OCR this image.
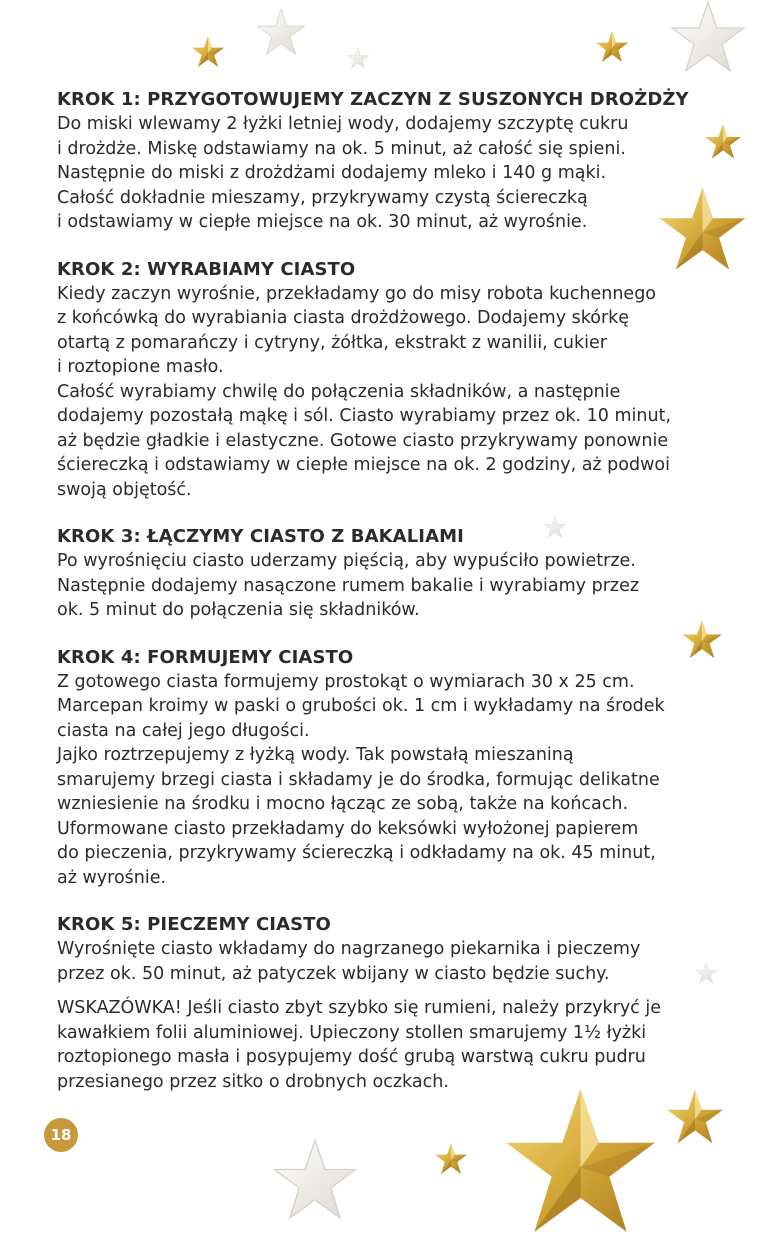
KROK 1: PRZYGOTOWUJEMY ZACZYN Z SUSZONYCH DROŻDŻY

Do miski wlewamy 2 łyżki letniej wody, dodajemy szczyptę cukru
i drożdże. Miskę odstawiamy na ok. 5 minut, aż całość się spieni.
Następnie do miski z drożdżami dodajemy mleko i 140 g mąki.
Całość dokładnie mieszamy, przykrywamy czystą ściereczką
i odstawiamy w ciepłe miejsce na ok. 30 minut, aż wyrośnie.

KROK 2: WYRABIAMY CIASTO

Kiedy zaczyn wyrośnie, przekładamy go do misy robota kuchennego
z końcówką do wyrabiania ciasta drożdżowego. Dodajemy skórkę
otartą z pomarańczy i cytryny, żółtka, ekstrakt z wanilii, cukier
i roztopione masło.

Całość wyrabiamy chwilę do połączenia składników, a następnie
dodajemy pozostałą mąkę i sól. Ciasto wyrabiamy przez ok. 10 minut,
aż będzie gładkie i elastyczne. Gotowe ciasto przykrywamy ponownie
ściereczką i odstawiamy w ciepłe miejsce na ok. 2 godziny, aż podwoi
swoją objętość.

KROK 3: ŁĄCZYMY CIASTO Z BAKALIAMI

Po wyrośnięciu ciasto uderzamy pięścią, aby wypuściło powietrze.
Następnie dodajemy nasączone rumem bakalie i wyrabiamy przez
ok. 5 minut do połączenia się składników.

KROK 4: FORMUJEMY CIASTO

Z gotowego ciasta formujemy prostokąt o wymiarach 30 x 25 cm.
Marcepan kroimy w paski o grubości ok. 1 cm i wykładamy na środek
ciasta na całej jego długości.

Jajko roztrzepujemy z łyżką wody. Tak powstałą mieszaniną
smarujemy brzegi ciasta i składamy je do środka, formując delikatne
wzniesienie na środku i mocno łącząc ze sobą, także na końcach.
Uformowane ciasto przekładamy do keksówki wyłożonej papierem
do pieczenia, przykrywamy ściereczką i odkładamy na ok. 45 minut,
aż wyrośnie.

KROK 5: PIECZEMY CIASTO

Wyrośnięte ciasto wkładamy do nagrzanego piekarnika i pieczemy
przez ok. 50 minut, aż patyczek wbijany w ciasto będzie suchy.

WSKAZÓWKA! Jeśli ciasto zbyt szybko się rumieni, należy przykryć je
kawałkiem folii aluminiowej. Upieczony stollen smarujemy 1½ łyżki
roztopionego masła i posypujemy dość grubą warstwą cukru pudru
przesianego przez sitko o drobnych oczkach.

18
